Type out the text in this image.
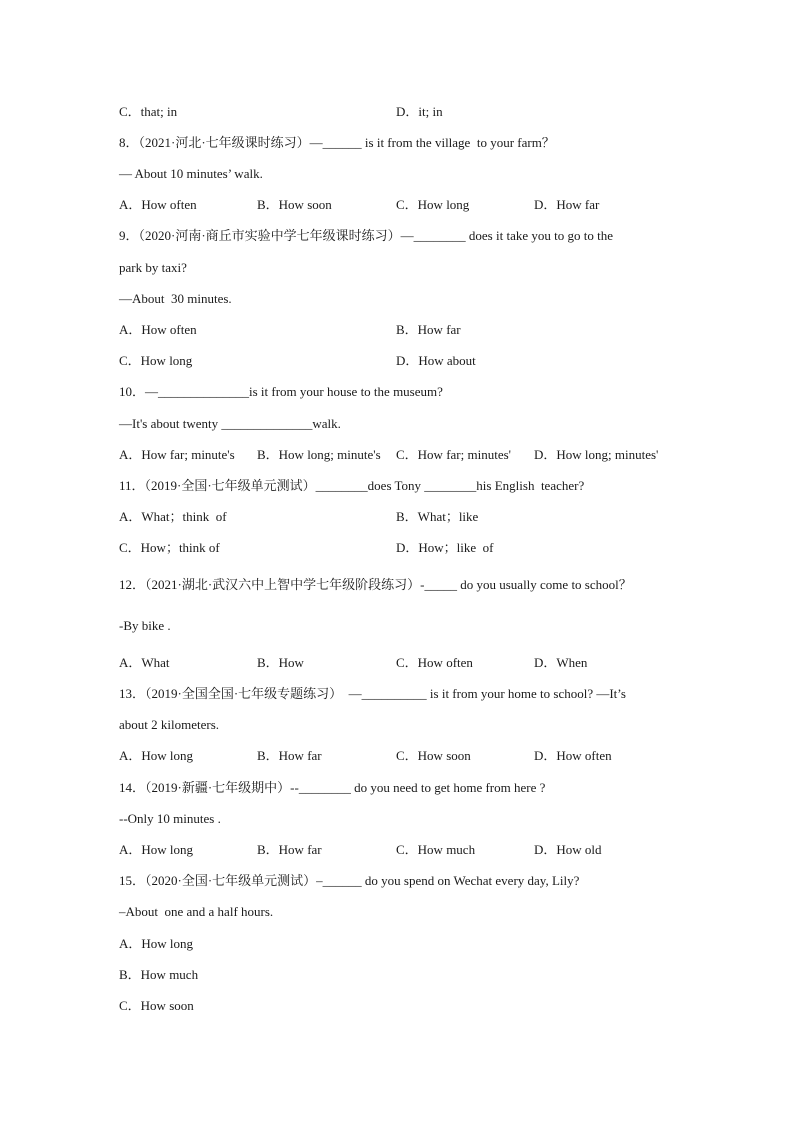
C．that; in	D．it; in
8．（2021·河北·七年级课时练习）—______ is it from the village  to your farm？
— About 10 minutes’ walk.
A．How often	B．How soon	C．How long	D．How far
9．（2020·河南·商丘市实验中学七年级课时练习）—________ does it take you to go to the
park by taxi?
—About  30 minutes.
A．How often	B．How far
C．How long	D．How about
10．—______________is it from your house to the museum?
—It's about twenty ______________walk.
A．How far; minute's B．How long; minute's C．How far; minutes' D．How long; minutes'
11．（2019·全国·七年级单元测试）________does Tony ________his English  teacher?
A．What；think  of	B．What；like
C．How；think of	D．How；like  of
12．（2021·湖北·武汉六中上智中学七年级阶段练习）-_____ do you usually come to school？
-By bike .
A．What	B．How	C．How often	D．When
13．（2019·全国全国·七年级专题练习）  —__________ is it from your home to school? —It’s
about 2 kilometers.
A．How long	B．How far	C．How soon	D．How often
14．（2019·新疆·七年级期中）--________ do you need to get home from here ?
--Only 10 minutes .
A．How long	B．How far	C．How much	D．How old
15．（2020·全国·七年级单元测试）–______ do you spend on Wechat every day, Lily?
–About  one and a half hours.
A．How long
B．How much
C．How soon
